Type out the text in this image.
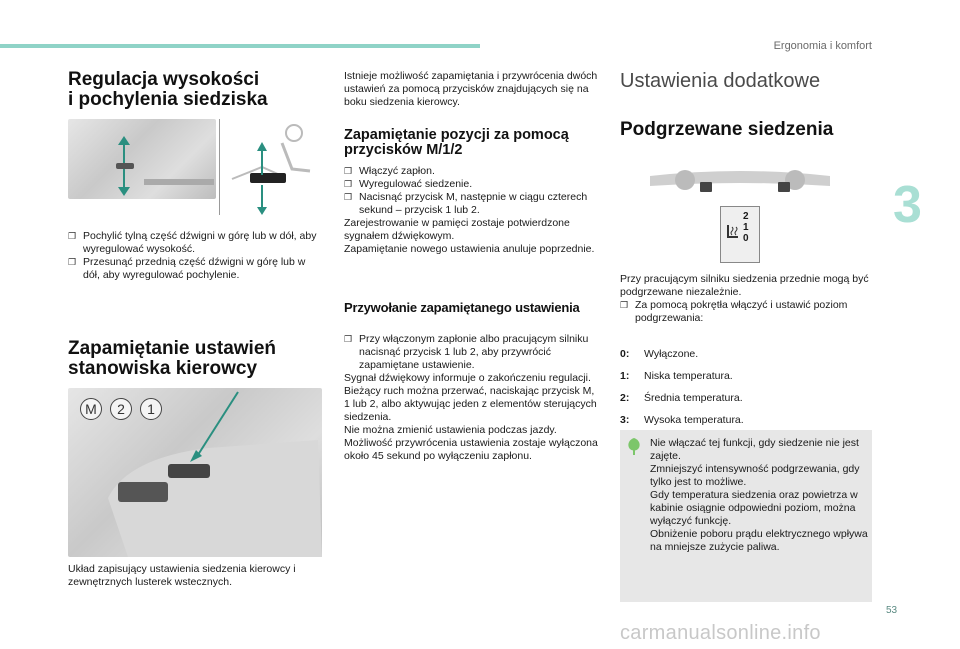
Ergonomia i komfort
3
Regulacja wysokości
i pochylenia siedziska
❒ Pochylić tylną część dźwigni w górę lub w dół, aby wyregulować wysokość.
❒ Przesunąć przednią część dźwigni w górę lub w dół, aby wyregulować pochylenie.
Zapamiętanie ustawień
stanowiska kierowcy
M	2	1
Układ zapisujący ustawienia siedzenia kierowcy i zewnętrznych lusterek wstecznych.
Istnieje możliwość zapamiętania i przywrócenia dwóch ustawień za pomocą przycisków znajdujących się na boku siedzenia kierowcy.
Zapamiętanie pozycji za pomocą przycisków M/1/2
❒ Włączyć zapłon.
❒ Wyregulować siedzenie.
❒ Nacisnąć przycisk M, następnie w ciągu czterech sekund – przycisk 1 lub 2.
Zarejestrowanie w pamięci zostaje potwierdzone sygnałem dźwiękowym.
Zapamiętanie nowego ustawienia anuluje poprzednie.
Przywołanie zapamiętanego ustawienia
❒ Przy włączonym zapłonie albo pracującym silniku nacisnąć przycisk 1 lub 2, aby przywrócić zapamiętane ustawienie.
Sygnał dźwiękowy informuje o zakończeniu regulacji.
Bieżący ruch można przerwać, naciskając przycisk M, 1 lub 2, albo aktywując jeden z elementów sterujących siedzenia.
Nie można zmienić ustawienia podczas jazdy.
Możliwość przywrócenia ustawienia zostaje wyłączona około 45 sekund po wyłączeniu zapłonu.
Ustawienia dodatkowe
Podgrzewane siedzenia
2
1
0
Przy pracującym silniku siedzenia przednie mogą być podgrzewane niezależnie.
❒ Za pomocą pokrętła włączyć i ustawić poziom podgrzewania:
0: Wyłączone.
1: Niska temperatura.
2: Średnia temperatura.
3: Wysoka temperatura.
Nie włączać tej funkcji, gdy siedzenie nie jest zajęte.
Zmniejszyć intensywność podgrzewania, gdy tylko jest to możliwe.
Gdy temperatura siedzenia oraz powietrza w kabinie osiągnie odpowiedni poziom, można wyłączyć funkcję.
Obniżenie poboru prądu elektrycznego wpływa na mniejsze zużycie paliwa.
53
carmanualsonline.info
